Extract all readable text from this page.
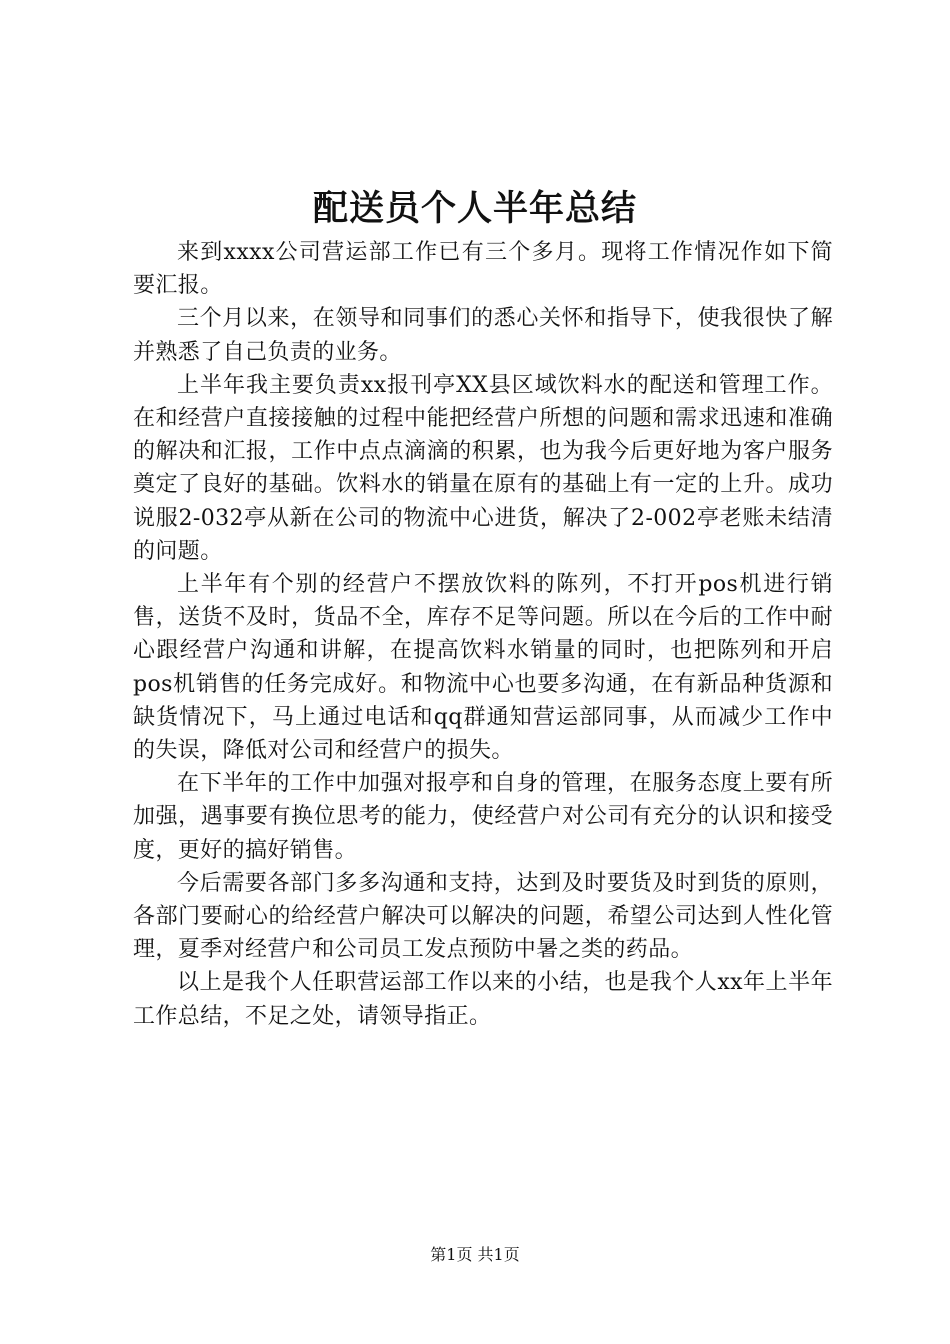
配送员个人半年总结

来到xxxx公司营运部工作已有三个多月。现将工作情况作如下简要汇报。

三个月以来，在领导和同事们的悉心关怀和指导下，使我很快了解并熟悉了自己负责的业务。

上半年我主要负责xx报刊亭XX县区域饮料水的配送和管理工作。在和经营户直接接触的过程中能把经营户所想的问题和需求迅速和准确的解决和汇报，工作中点点滴滴的积累，也为我今后更好地为客户服务奠定了良好的基础。饮料水的销量在原有的基础上有一定的上升。成功说服2-032亭从新在公司的物流中心进货，解决了2-002亭老账未结清的问题。

上半年有个别的经营户不摆放饮料的陈列，不打开pos机进行销售，送货不及时，货品不全，库存不足等问题。所以在今后的工作中耐心跟经营户沟通和讲解，在提高饮料水销量的同时，也把陈列和开启pos机销售的任务完成好。和物流中心也要多沟通，在有新品种货源和缺货情况下，马上通过电话和qq群通知营运部同事，从而减少工作中的失误，降低对公司和经营户的损失。

在下半年的工作中加强对报亭和自身的管理，在服务态度上要有所加强，遇事要有换位思考的能力，使经营户对公司有充分的认识和接受度，更好的搞好销售。

今后需要各部门多多沟通和支持，达到及时要货及时到货的原则，各部门要耐心的给经营户解决可以解决的问题，希望公司达到人性化管理，夏季对经营户和公司员工发点预防中暑之类的药品。

以上是我个人任职营运部工作以来的小结，也是我个人xx年上半年工作总结，不足之处，请领导指正。

第1页 共1页
